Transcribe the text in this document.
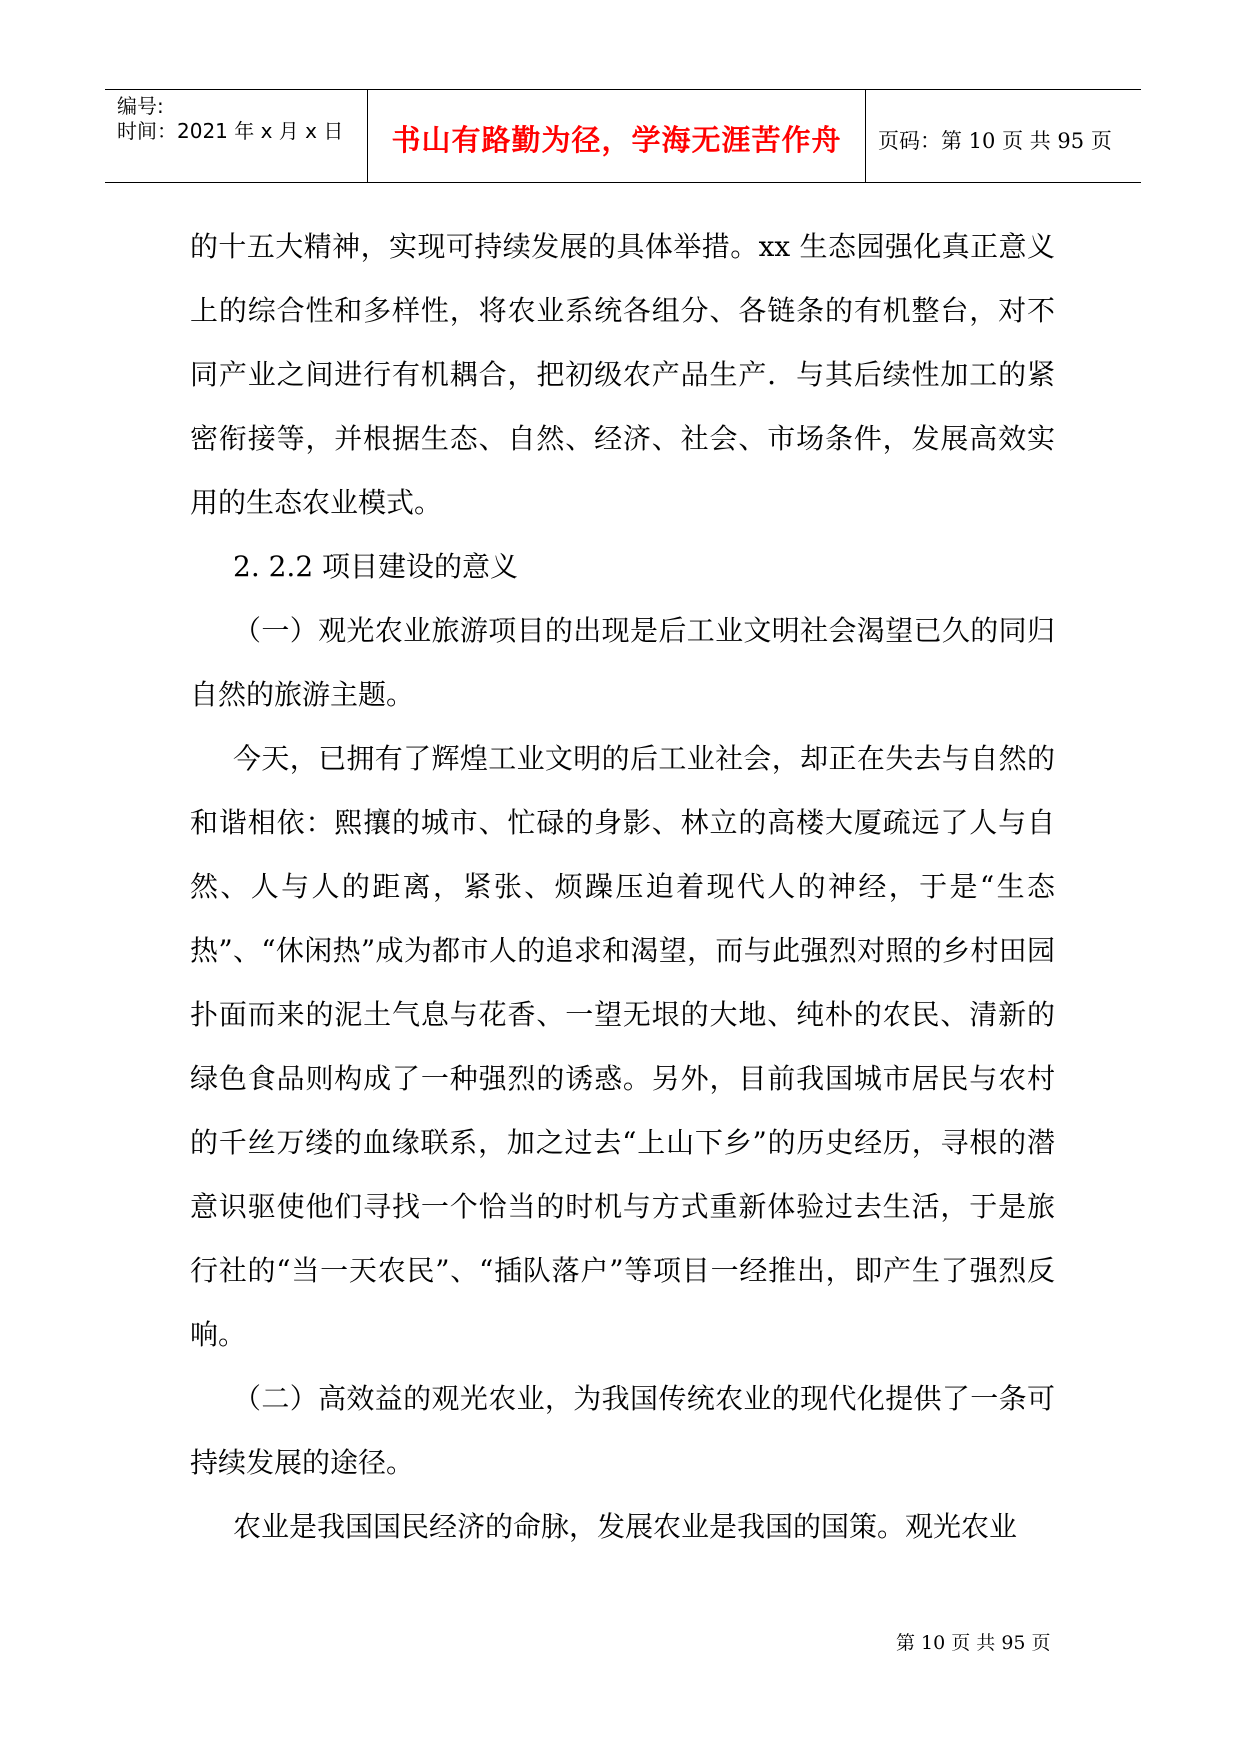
编号:
时间：2021 年 x 月 x 日	书山有路勤为径，学海无涯苦作舟	页码：第 10 页 共 95 页

的十五大精神，实现可持续发展的具体举措。xx 生态园强化真正意义上的综合性和多样性，将农业系统各组分、各链条的有机整台，对不同产业之间进行有机耦合，把初级农产品生产．与其后续性加工的紧密衔接等，并根据生态、自然、经济、社会、市场条件，发展高效实用的生态农业模式。

2. 2.2 项目建设的意义

（一）观光农业旅游项目的出现是后工业文明社会渴望已久的同归自然的旅游主题。

今天，已拥有了辉煌工业文明的后工业社会，却正在失去与自然的和谐相依：熙攘的城市、忙碌的身影、林立的高楼大厦疏远了人与自然、人与人的距离，紧张、烦躁压迫着现代人的神经，于是“生态热”、“休闲热”成为都市人的追求和渴望，而与此强烈对照的乡村田园扑面而来的泥土气息与花香、一望无垠的大地、纯朴的农民、清新的绿色食品则构成了一种强烈的诱惑。另外，目前我国城市居民与农村的千丝万缕的血缘联系，加之过去“上山下乡”的历史经历，寻根的潜意识驱使他们寻找一个恰当的时机与方式重新体验过去生活，于是旅行社的“当一天农民”、“插队落户”等项目一经推出，即产生了强烈反响。

（二）高效益的观光农业，为我国传统农业的现代化提供了一条可持续发展的途径。

农业是我国国民经济的命脉，发展农业是我国的国策。观光农业

第 10 页 共 95 页
